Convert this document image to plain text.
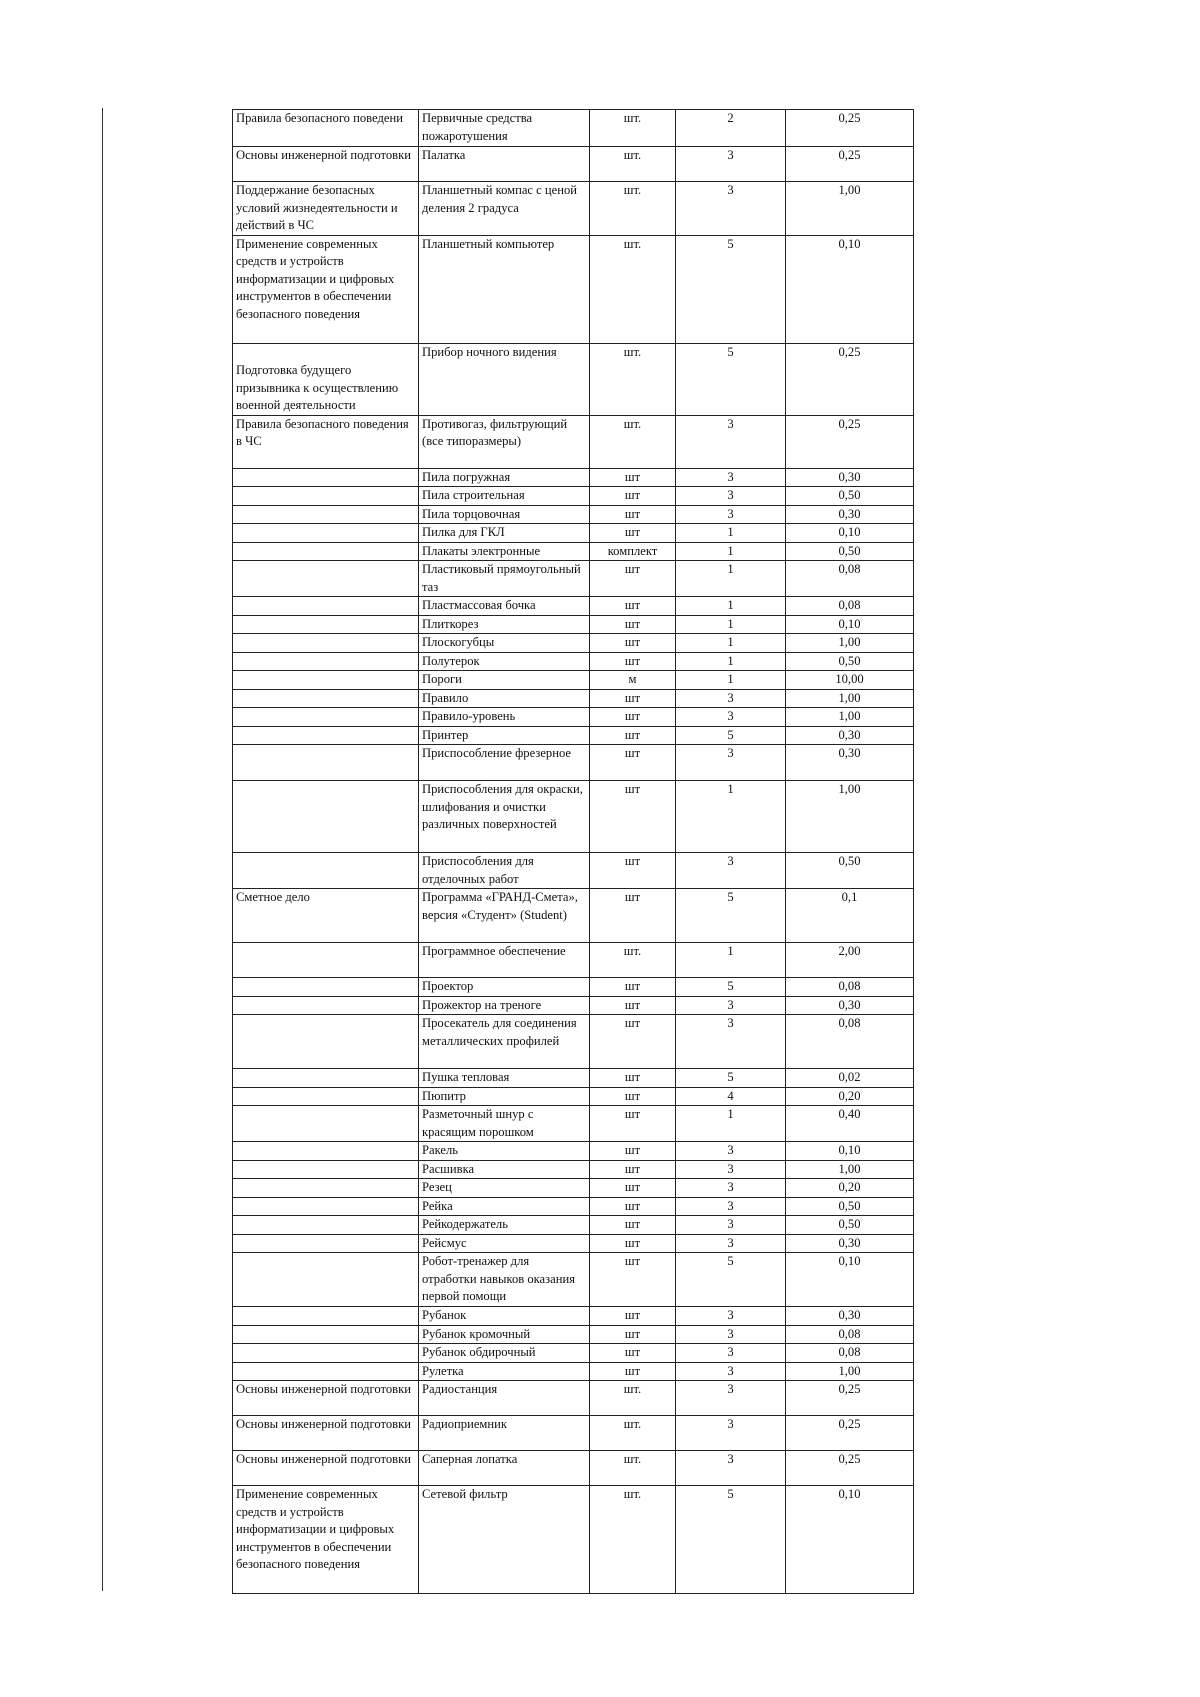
Правила безопасного поведени	Первичные средства пожаротушения	шт.	2	0,25
Основы инженерной подготовки	Палатка	шт.	3	0,25
Поддержание безопасных условий жизнедеятельности и действий в ЧС	Планшетный компас с ценой деления 2 градуса	шт.	3	1,00
Применение современных средств и устройств информатизации и цифровых инструментов в обеспечении безопасного поведения	Планшетный компьютер	шт.	5	0,10
Подготовка будущего призывника к осуществлению военной деятельности	Прибор ночного видения	шт.	5	0,25
Правила безопасного поведения в ЧС	Противогаз, фильтрующий (все типоразмеры)	шт.	3	0,25
	Пила погружная	шт	3	0,30
	Пила строительная	шт	3	0,50
	Пила торцовочная	шт	3	0,30
	Пилка для ГКЛ	шт	1	0,10
	Плакаты электронные	комплект	1	0,50
	Пластиковый прямоугольный таз	шт	1	0,08
	Пластмассовая бочка	шт	1	0,08
	Плиткорез	шт	1	0,10
	Плоскогубцы	шт	1	1,00
	Полутерок	шт	1	0,50
	Пороги	м	1	10,00
	Правило	шт	3	1,00
	Правило-уровень	шт	3	1,00
	Принтер	шт	5	0,30
	Приспособление фрезерное	шт	3	0,30
	Приспособления для окраски, шлифования и очистки различных поверхностей	шт	1	1,00
	Приспособления для отделочных работ	шт	3	0,50
Сметное дело	Программа «ГРАНД-Смета», версия «Студент» (Student)	шт	5	0,1
	Программное обеспечение	шт.	1	2,00
	Проектор	шт	5	0,08
	Прожектор на треноге	шт	3	0,30
	Просекатель для соединения металлических профилей	шт	3	0,08
	Пушка тепловая	шт	5	0,02
	Пюпитр	шт	4	0,20
	Разметочный шнур с красящим порошком	шт	1	0,40
	Ракель	шт	3	0,10
	Расшивка	шт	3	1,00
	Резец	шт	3	0,20
	Рейка	шт	3	0,50
	Рейкодержатель	шт	3	0,50
	Рейсмус	шт	3	0,30
	Робот-тренажер для отработки навыков оказания первой помощи	шт	5	0,10
	Рубанок	шт	3	0,30
	Рубанок кромочный	шт	3	0,08
	Рубанок обдирочный	шт	3	0,08
	Рулетка	шт	3	1,00
Основы инженерной подготовки	Радиостанция	шт.	3	0,25
Основы инженерной подготовки	Радиоприемник	шт.	3	0,25
Основы инженерной подготовки	Саперная лопатка	шт.	3	0,25
Применение современных средств и устройств информатизации и цифровых инструментов в обеспечении безопасного поведения	Сетевой фильтр	шт.	5	0,10
